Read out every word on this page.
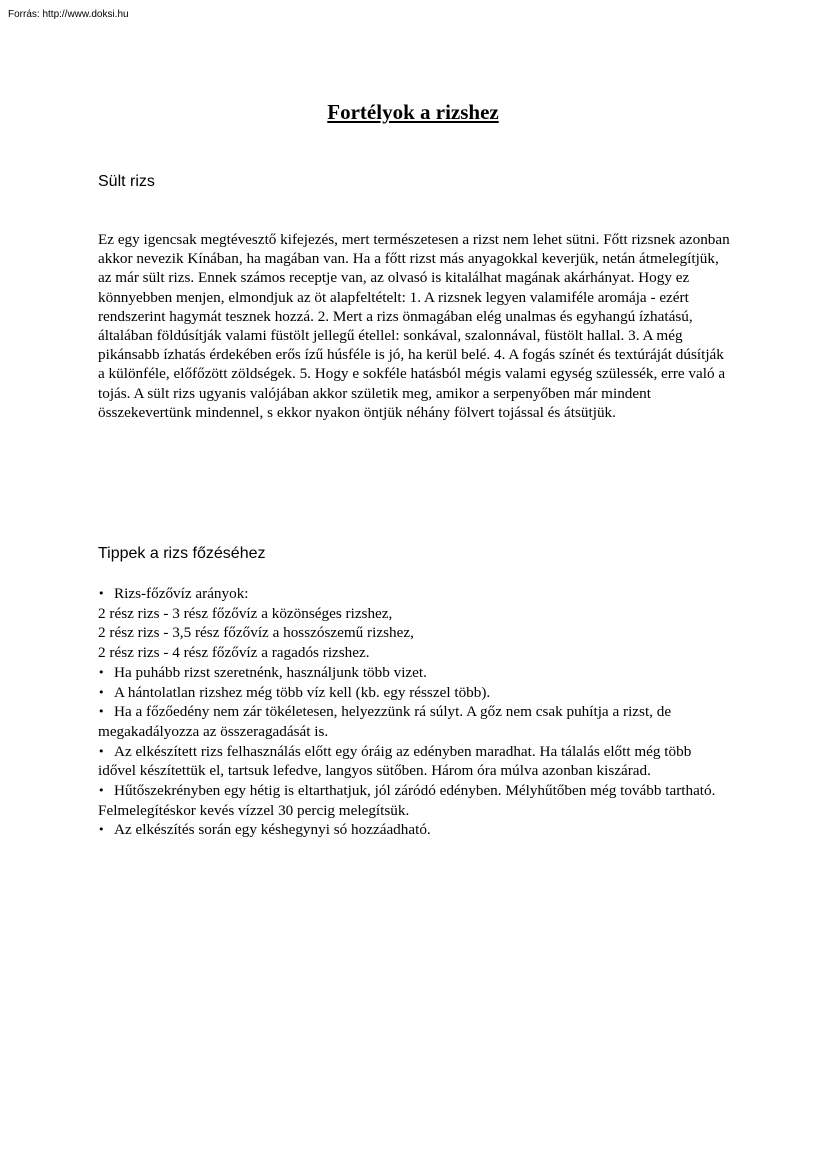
Forrás: http://www.doksi.hu
Fortélyok a rizshez
Sült rizs

Ez egy igencsak megtévesztő kifejezés, mert természetesen a rizst nem lehet sütni. Főtt rizsnek azonban akkor nevezik Kínában, ha magában van. Ha a főtt rizst más anyagokkal keverjük, netán átmelegítjük, az már sült rizs. Ennek számos receptje van, az olvasó is kitalálhat magának akárhányat. Hogy ez könnyebben menjen, elmondjuk az öt alapfeltételt: 1. A rizsnek legyen valamiféle aromája - ezért rendszerint hagymát tesznek hozzá. 2. Mert a rizs önmagában elég unalmas és egyhangú ízhatású, általában földúsítják valami füstölt jellegű étellel: sonkával, szalonnával, füstölt hallal. 3. A még pikánsabb ízhatás érdekében erős ízű húsféle is jó, ha kerül belé. 4. A fogás színét és textúráját dúsítják a különféle, előfőzött zöldségek. 5. Hogy e sokféle hatásból mégis valami egység szülessék, erre való a tojás. A sült rizs ugyanis valójában akkor születik meg, amikor a serpenyőben már mindent összekevertünk mindennel, s ekkor nyakon öntjük néhány fölvert tojással és átsütjük.

Tippek a rizs főzéséhez
• Rizs-főzővíz arányok:
2 rész rizs - 3 rész főzővíz a közönséges rizshez,
2 rész rizs - 3,5 rész főzővíz a hosszószemű rizshez,
2 rész rizs - 4 rész főzővíz a ragadós rizshez.
• Ha puhább rizst szeretnénk, használjunk több vizet.
• A hántolatlan rizshez még több víz kell (kb. egy résszel több).
• Ha a főzőedény nem zár tökéletesen, helyezzünk rá súlyt. A gőz nem csak puhítja a rizst, de megakadályozza az összeragadását is.
• Az elkészített rizs felhasználás előtt egy óráig az edényben maradhat. Ha tálalás előtt még több idővel készítettük el, tartsuk lefedve, langyos sütőben. Három óra múlva azonban kiszárad.
• Hűtőszekrényben egy hétig is eltarthatjuk, jól záródó edényben. Mélyhűtőben még tovább tartható. Felmelegítéskor kevés vízzel 30 percig melegítsük.
• Az elkészítés során egy késhegynyi só hozzáadható.
